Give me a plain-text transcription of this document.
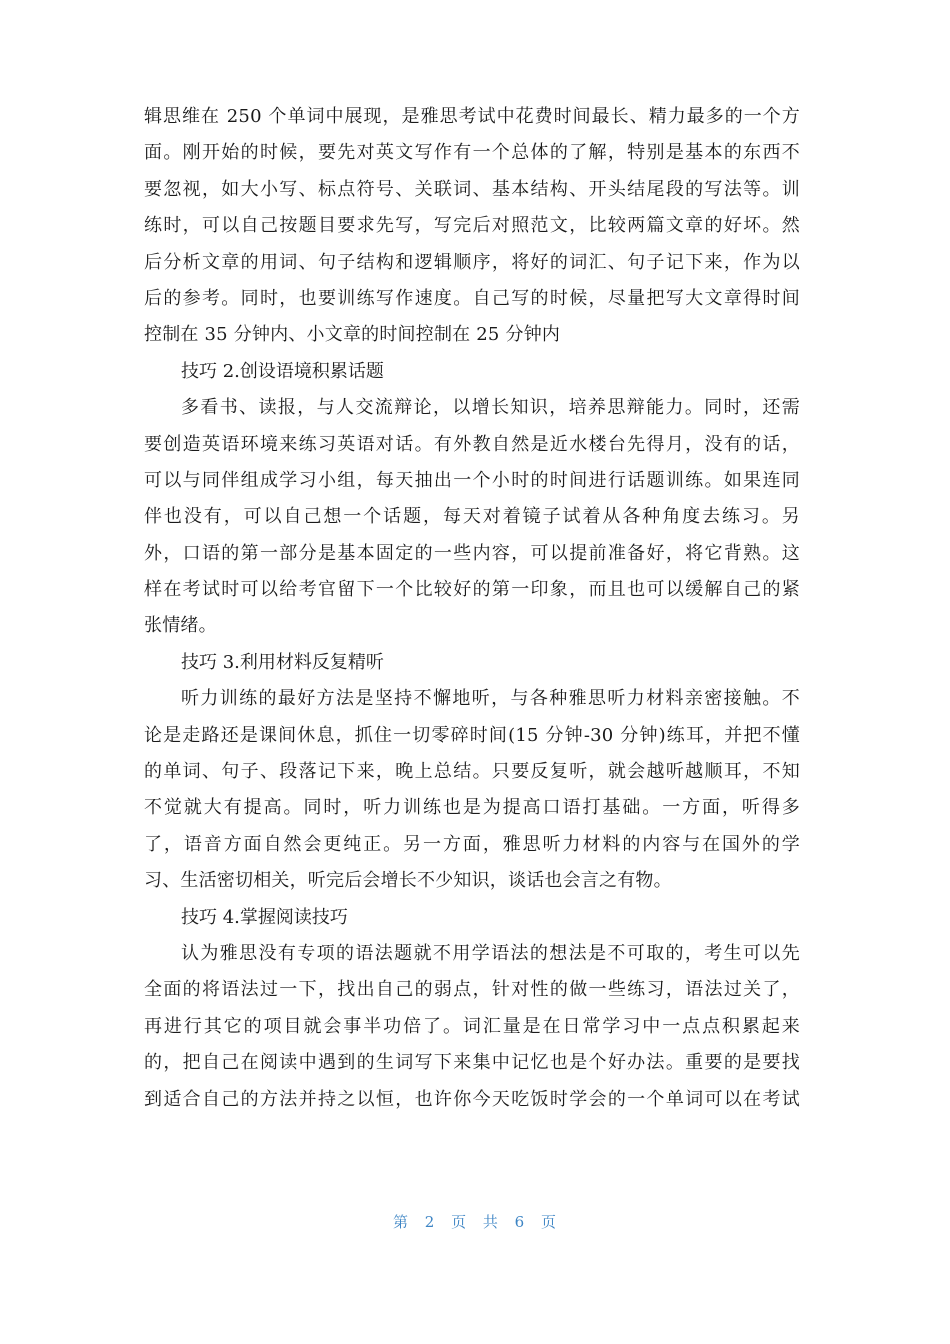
辑思维在 250 个单词中展现，是雅思考试中花费时间最长、精力最多的一个方
面。刚开始的时候，要先对英文写作有一个总体的了解，特别是基本的东西不
要忽视，如大小写、标点符号、关联词、基本结构、开头结尾段的写法等。训
练时，可以自己按题目要求先写，写完后对照范文，比较两篇文章的好坏。然
后分析文章的用词、句子结构和逻辑顺序，将好的词汇、句子记下来，作为以
后的参考。同时，也要训练写作速度。自己写的时候，尽量把写大文章得时间
控制在 35 分钟内、小文章的时间控制在 25 分钟内
技巧 2.创设语境积累话题
多看书、读报，与人交流辩论，以增长知识，培养思辩能力。同时，还需
要创造英语环境来练习英语对话。有外教自然是近水楼台先得月，没有的话，
可以与同伴组成学习小组，每天抽出一个小时的时间进行话题训练。如果连同
伴也没有，可以自己想一个话题，每天对着镜子试着从各种角度去练习。另
外，口语的第一部分是基本固定的一些内容，可以提前准备好，将它背熟。这
样在考试时可以给考官留下一个比较好的第一印象，而且也可以缓解自己的紧
张情绪。
技巧 3.利用材料反复精听
听力训练的最好方法是坚持不懈地听，与各种雅思听力材料亲密接触。不
论是走路还是课间休息，抓住一切零碎时间(15 分钟-30 分钟)练耳，并把不懂
的单词、句子、段落记下来，晚上总结。只要反复听，就会越听越顺耳，不知
不觉就大有提高。同时，听力训练也是为提高口语打基础。一方面，听得多
了，语音方面自然会更纯正。另一方面，雅思听力材料的内容与在国外的学
习、生活密切相关，听完后会增长不少知识，谈话也会言之有物。
技巧 4.掌握阅读技巧
认为雅思没有专项的语法题就不用学语法的想法是不可取的，考生可以先
全面的将语法过一下，找出自己的弱点，针对性的做一些练习，语法过关了，
再进行其它的项目就会事半功倍了。词汇量是在日常学习中一点点积累起来
的，把自己在阅读中遇到的生词写下来集中记忆也是个好办法。重要的是要找
到适合自己的方法并持之以恒，也许你今天吃饭时学会的一个单词可以在考试
第 2 页 共 6 页
